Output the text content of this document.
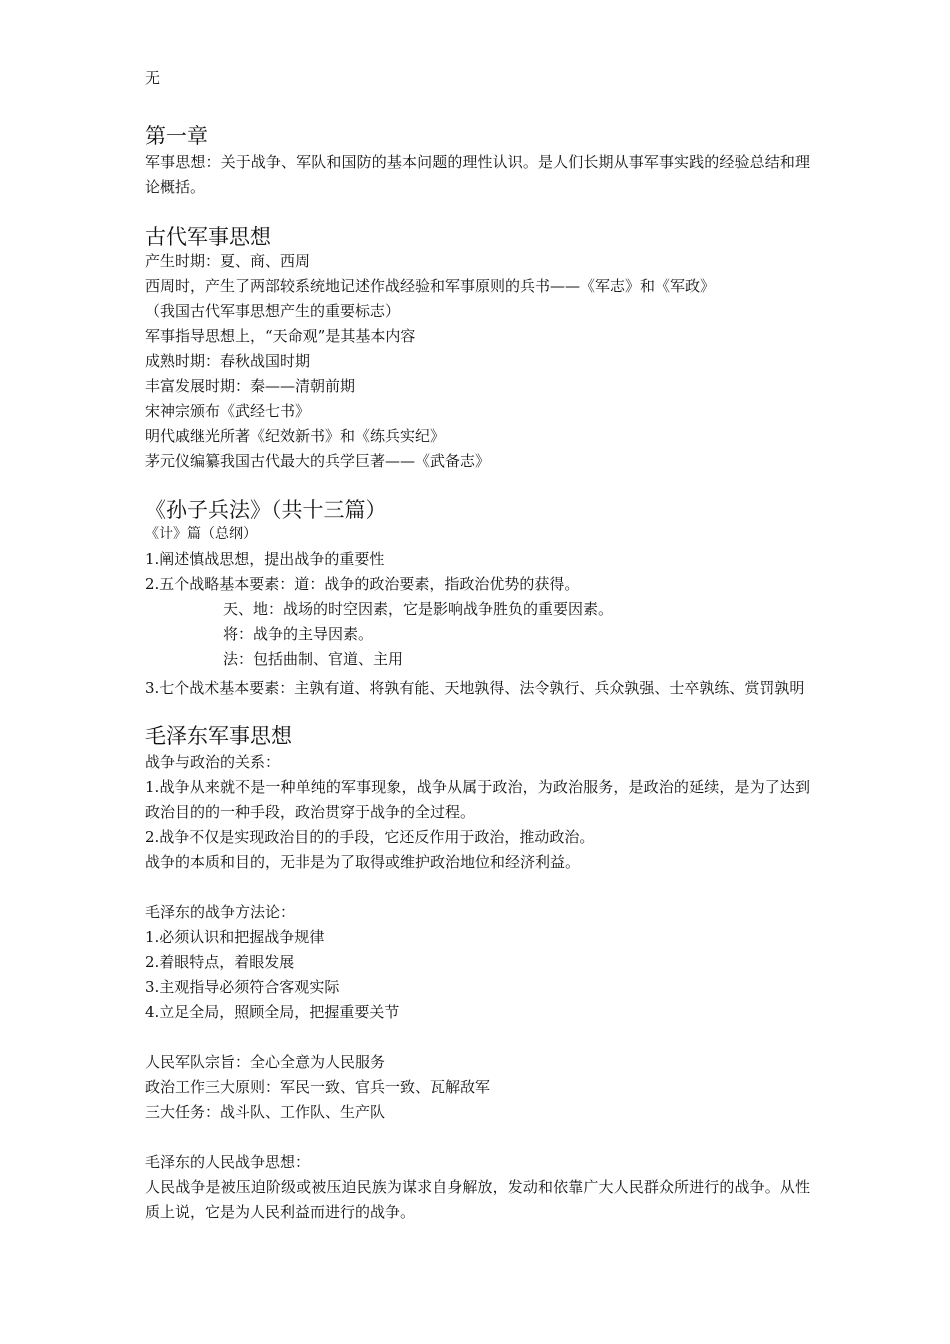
无
第一章
军事思想：关于战争、军队和国防的基本问题的理性认识。是人们长期从事军事实践的经验总结和理论概括。
古代军事思想
产生时期：夏、商、西周
西周时，产生了两部较系统地记述作战经验和军事原则的兵书——《军志》和《军政》
（我国古代军事思想产生的重要标志）
军事指导思想上，“天命观”是其基本内容
成熟时期：春秋战国时期
丰富发展时期：秦——清朝前期
宋神宗颁布《武经七书》
明代戚继光所著《纪效新书》和《练兵实纪》
茅元仪编纂我国古代最大的兵学巨著——《武备志》
《孙子兵法》（共十三篇）
《计》篇（总纲）
1.阐述慎战思想，提出战争的重要性
2.五个战略基本要素：道：战争的政治要素，指政治优势的获得。
天、地：战场的时空因素，它是影响战争胜负的重要因素。
将：战争的主导因素。
法：包括曲制、官道、主用
3.七个战术基本要素：主孰有道、将孰有能、天地孰得、法令孰行、兵众孰强、士卒孰练、赏罚孰明
毛泽东军事思想
战争与政治的关系：
1.战争从来就不是一种单纯的军事现象，战争从属于政治，为政治服务，是政治的延续，是为了达到政治目的的一种手段，政治贯穿于战争的全过程。
2.战争不仅是实现政治目的的手段，它还反作用于政治，推动政治。
战争的本质和目的，无非是为了取得或维护政治地位和经济利益。
毛泽东的战争方法论：
1.必须认识和把握战争规律
2.着眼特点，着眼发展
3.主观指导必须符合客观实际
4.立足全局，照顾全局，把握重要关节
人民军队宗旨：全心全意为人民服务
政治工作三大原则：军民一致、官兵一致、瓦解敌军
三大任务：战斗队、工作队、生产队
毛泽东的人民战争思想：
人民战争是被压迫阶级或被压迫民族为谋求自身解放，发动和依靠广大人民群众所进行的战争。从性质上说，它是为人民利益而进行的战争。
